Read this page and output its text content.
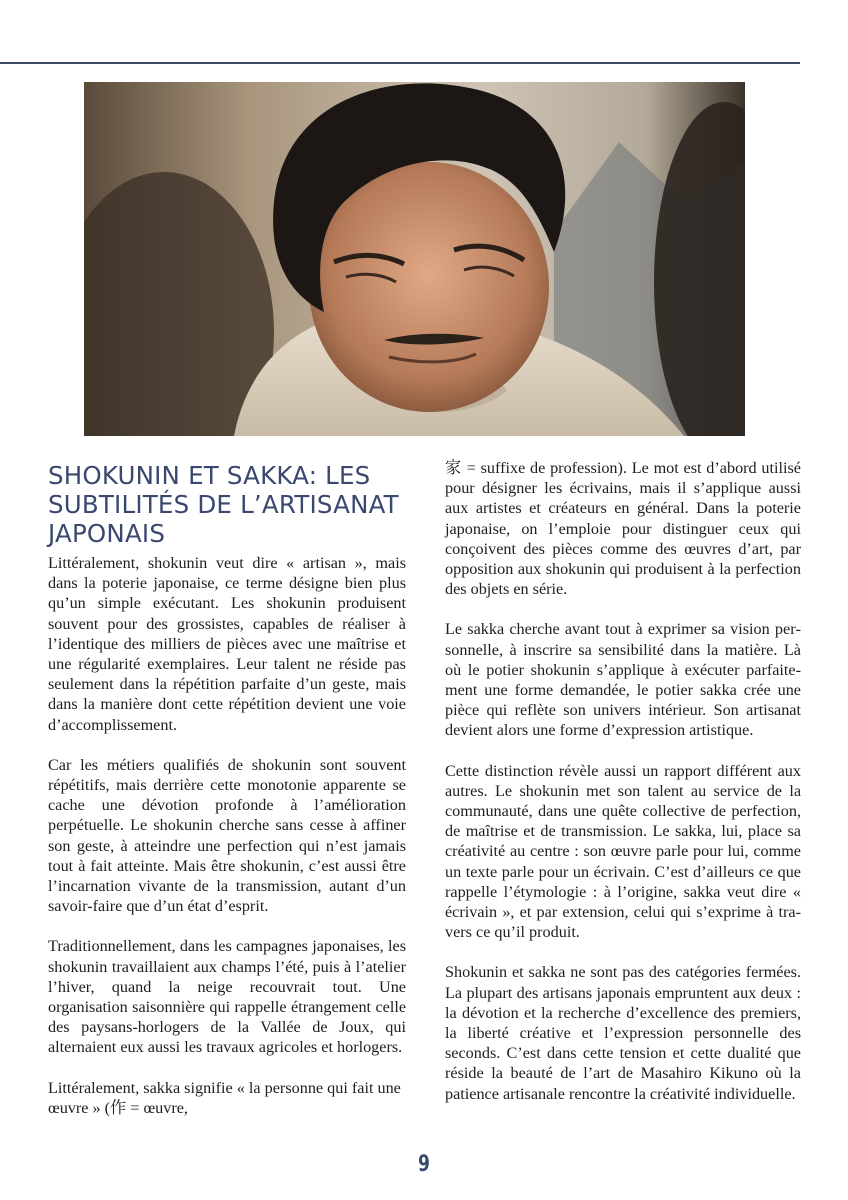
SHOKUNIN ET SAKKA: LES SUBTILITÉS DE L’ARTISANAT JAPONAIS

Littéralement, shokunin veut dire « artisan », mais dans la poterie japonaise, ce terme désigne bien plus qu’un simple exécutant. Les shokunin produisent souvent pour des grossistes, capables de réaliser à l’identique des milliers de pièces avec une maîtrise et une régularité exemplaires. Leur talent ne réside pas seulement dans la répétition parfaite d’un geste, mais dans la manière dont cette répétition devient une voie d’accomplissement.

Car les métiers qualifiés de shokunin sont souvent répétitifs, mais derrière cette monotonie apparente se cache une dévotion profonde à l’amélioration perpétuelle. Le shokunin cherche sans cesse à affiner son geste, à atteindre une perfection qui n’est jamais tout à fait atteinte. Mais être shokunin, c’est aussi être l’incarnation vivante de la transmission, autant d’un savoir-faire que d’un état d’esprit.

Traditionnellement, dans les campagnes japonaises, les shokunin travaillaient aux champs l’été, puis à l’atelier l’hiver, quand la neige recouvrait tout. Une organisation saisonnière qui rappelle étrangement celle des paysans-horlogers de la Vallée de Joux, qui alternaient eux aussi les travaux agricoles et horlogers.

Littéralement, sakka signifie « la personne qui fait une œuvre » (作 = œuvre,

家 = suffixe de profession). Le mot est d’abord utilisé pour désigner les écrivains, mais il s’applique aussi aux artistes et créateurs en général. Dans la poterie japonaise, on l’emploie pour distinguer ceux qui conçoivent des pièces comme des œuvres d’art, par opposition aux shokunin qui produisent à la perfection des objets en série.

Le sakka cherche avant tout à exprimer sa vision personnelle, à inscrire sa sensibilité dans la matière. Là où le potier shokunin s’applique à exécuter parfaitement une forme demandée, le potier sakka crée une pièce qui reflète son univers intérieur. Son artisanat devient alors une forme d’expression artistique.

Cette distinction révèle aussi un rapport différent aux autres. Le shokunin met son talent au service de la communauté, dans une quête collective de perfection, de maîtrise et de transmission. Le sakka, lui, place sa créativité au centre : son œuvre parle pour lui, comme un texte parle pour un écrivain. C’est d’ailleurs ce que rappelle l’étymologie : à l’origine, sakka veut dire « écrivain », et par extension, celui qui s’exprime à travers ce qu’il produit.

Shokunin et sakka ne sont pas des catégories fermées. La plupart des artisans japonais empruntent aux deux : la dévotion et la recherche d’excellence des premiers, la liberté créative et l’expression personnelle des seconds. C’est dans cette tension et cette dualité que réside la beauté de l’art de Masahiro Kikuno où la patience artisanale rencontre la créativité individuelle.

9
